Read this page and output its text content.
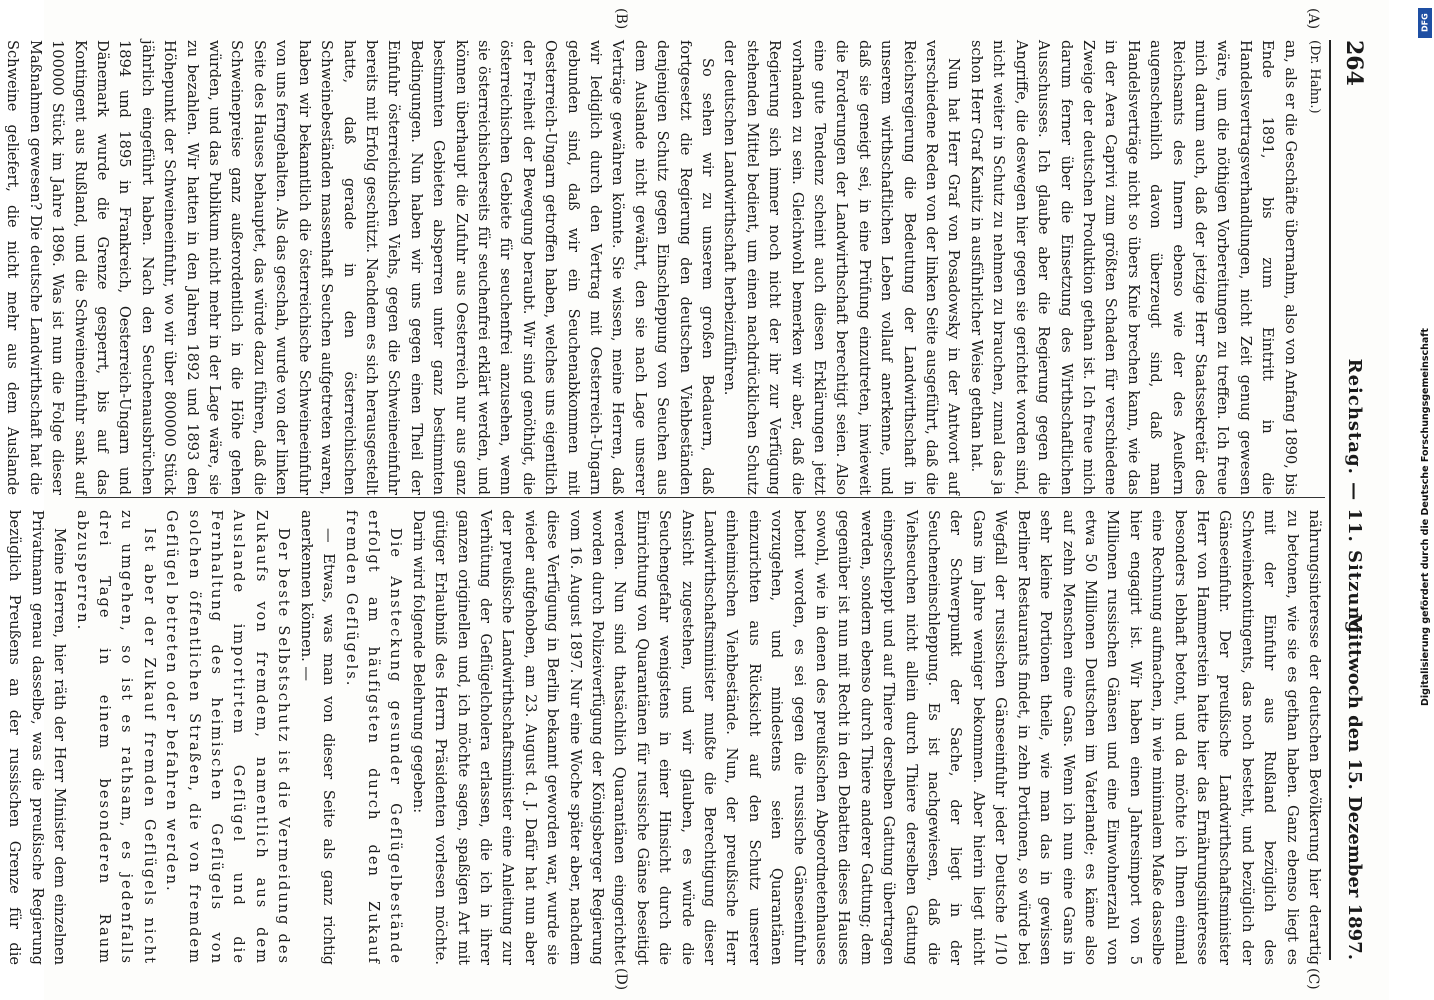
264
Reichstag. — 11. Sitzung.
Mittwoch den 15. Dezember 1897.
(A)
(B)
(C)
(D)
(Dr. Hahn.)

an, als er die Geschäfte übernahm, also von Anfang 1890, bis Ende 1891, bis zum Eintritt in die Handelsvertragsverhandlungen, nicht Zeit genug gewesen wäre, um die nöthigen Vorbereitungen zu treffen. Ich freue mich darum auch, daß der jetzige Herr Staatssekretär des Reichsamts des Innern ebenso wie der des Aeußern augenscheinlich davon überzeugt sind, daß man Handelsverträge nicht so übers Knie brechen kann, wie das in der Aera Caprivi zum größten Schaden für verschiedene Zweige der deutschen Produktion gethan ist. Ich freue mich darum ferner über die Einsetzung des Wirthschaftlichen Ausschusses. Ich glaube aber die Regierung gegen die Angriffe, die deswegen hier gegen sie gerichtet worden sind, nicht weiter in Schutz zu nehmen zu brauchen, zumal das ja schon Herr Graf Kanitz in ausführlicher Weise gethan hat.

Nun hat Herr Graf von Posadowsky in der Antwort auf verschiedene Reden von der linken Seite ausgeführt, daß die Reichsregierung die Bedeutung der Landwirthschaft in unserem wirthschaftlichen Leben vollauf anerkenne, und daß sie geneigt sei, in eine Prüfung einzutreten, inwieweit die Forderungen der Landwirthschaft berechtigt seien. Also eine gute Tendenz scheint auch diesen Erklärungen jetzt vorhanden zu sein. Gleichwohl bemerken wir aber, daß die Regierung sich immer noch nicht der ihr zur Verfügung stehenden Mittel bedient, um einen nachdrücklichen Schutz der deutschen Landwirthschaft herbeizuführen.

So sehen wir zu unserem großen Bedauern, daß fortgesetzt die Regierung den deutschen Viehbeständen denjenigen Schutz gegen Einschleppung von Seuchen aus dem Auslande nicht gewährt, den sie nach Lage unserer Verträge gewähren könnte. Sie wissen, meine Herren, daß wir lediglich durch den Vertrag mit Oesterreich-Ungarn gebunden sind, daß wir ein Seuchenabkommen mit Oesterreich-Ungarn getroffen haben, welches uns eigentlich der Freiheit der Bewegung beraubt. Wir sind genöthigt, die österreichischen Gebiete für seuchenfrei anzusehen, wenn sie österreichischerseits für seuchenfrei erklärt werden, und können überhaupt die Zufuhr aus Oesterreich nur aus ganz bestimmten Gebieten absperren unter ganz bestimmten Bedingungen. Nun haben wir uns gegen einen Theil der Einfuhr österreichischen Viehs, gegen die Schweineeinfuhr bereits mit Erfolg geschützt. Nachdem es sich herausgestellt hatte, daß gerade in den österreichischen Schweinebeständen massenhaft Seuchen aufgetreten waren, haben wir bekanntlich die österreichische Schweineeinfuhr von uns ferngehalten. Als das geschah, wurde von der linken Seite des Hauses behauptet, das würde dazu führen, daß die Schweinepreise ganz außerordentlich in die Höhe gehen würden, und das Publikum nicht mehr in der Lage wäre, sie zu bezahlen. Wir hatten in den Jahren 1892 und 1893 den Höhepunkt der Schweineeinfuhr, wo wir über 800000 Stück jährlich eingeführt haben. Nach den Seuchenausbrüchen 1894 und 1895 in Frankreich, Oesterreich-Ungarn und Dänemark wurde die Grenze gesperrt, bis auf das Kontingent aus Rußland, und die Schweineeinfuhr sank auf 100000 Stück im Jahre 1896. Was ist nun die Folge dieser Maßnahmen gewesen? Die deutsche Landwirthschaft hat die Schweine geliefert, die nicht mehr aus dem Auslande

nährungsinteresse der deutschen Bevölkerung hier derartig zu betonen, wie sie es gethan haben. Ganz ebenso liegt es mit der Einfuhr aus Rußland bezüglich des Schweinekontingents, das noch besteht, und bezüglich der Gänseeinfuhr. Der preußische Landwirthschaftsminister Herr von Hammerstein hatte hier das Ernährungsinteresse besonders lebhaft betont, und da möchte ich Ihnen einmal eine Rechnung aufmachen, in wie minimalem Maße dasselbe hier engagirt ist. Wir haben einen Jahresimport von 5 Millionen russischen Gänsen und eine Einwohnerzahl von etwa 50 Millionen Deutschen im Vaterlande; es käme also auf zehn Menschen eine Gans. Wenn ich nun eine Gans in sehr kleine Portionen theile, wie man das in gewissen Berliner Restaurants findet, in zehn Portionen, so würde bei Wegfall der russischen Gänseeinfuhr jeder Deutsche 1/10 Gans im Jahre weniger bekommen. Aber hierin liegt nicht der Schwerpunkt der Sache, der liegt in der Seucheneinschleppung. Es ist nachgewiesen, daß die Viehseuchen nicht allein durch Thiere derselben Gattung eingeschleppt und auf Thiere derselben Gattung übertragen werden, sondern ebenso durch Thiere anderer Gattung; dem gegenüber ist nun mit Recht in den Debatten dieses Hauses sowohl, wie in denen des preußischen Abgeordnetenhauses betont worden, es sei gegen die russische Gänseeinfuhr vorzugehen, und mindestens seien Quarantänen einzurichten aus Rücksicht auf den Schutz unserer einheimischen Viehbestände. Nun, der preußische Herr Landwirthschaftsminister mußte die Berechtigung dieser Ansicht zugestehen, und wir glauben, es würde die Seuchengefahr wenigstens in einer Hinsicht durch die Einrichtung von Quarantänen für russische Gänse beseitigt werden. Nun sind thatsächlich Quarantänen eingerichtet worden durch Polizeiverfügung der Königsberger Regierung vom 16. August 1897. Nur eine Woche später aber, nachdem diese Verfügung in Berlin bekannt geworden war, wurde sie wieder aufgehoben, am 23. August d. J. Dafür hat nun aber der preußische Landwirthschaftsminister eine Anleitung zur Verhütung der Geflügelcholera erlassen, die ich in ihrer ganzen originellen und, ich möchte sagen, spaßigen Art mit gütiger Erlaubniß des Herrn Präsidenten vorlesen möchte. Darin wird folgende Belehrung gegeben:

Die Ansteckung gesunder Geflügelbestände erfolgt am häufigsten durch den Zukauf fremden Geflügels.

— Etwas, was man von dieser Seite als ganz richtig anerkennen können. —

Der beste Selbstschutz ist die Vermeidung des Zukaufs von fremdem, namentlich aus dem Auslande importirtem Geflügel und die Fernhaltung des heimischen Geflügels von solchen öffentlichen Straßen, die von fremdem Geflügel betreten oder befahren werden.

Ist aber der Zukauf fremden Geflügels nicht zu umgehen, so ist es rathsam, es jedenfalls drei Tage in einem besonderen Raum abzusperren.

Meine Herren, hier räth der Herr Minister dem einzelnen Privatmann genau dasselbe, was die preußische Regierung bezüglich Preußens an der russischen Grenze für die

DFG
Digitalisierung gefördert durch die Deutsche Forschungsgemeinschaft
